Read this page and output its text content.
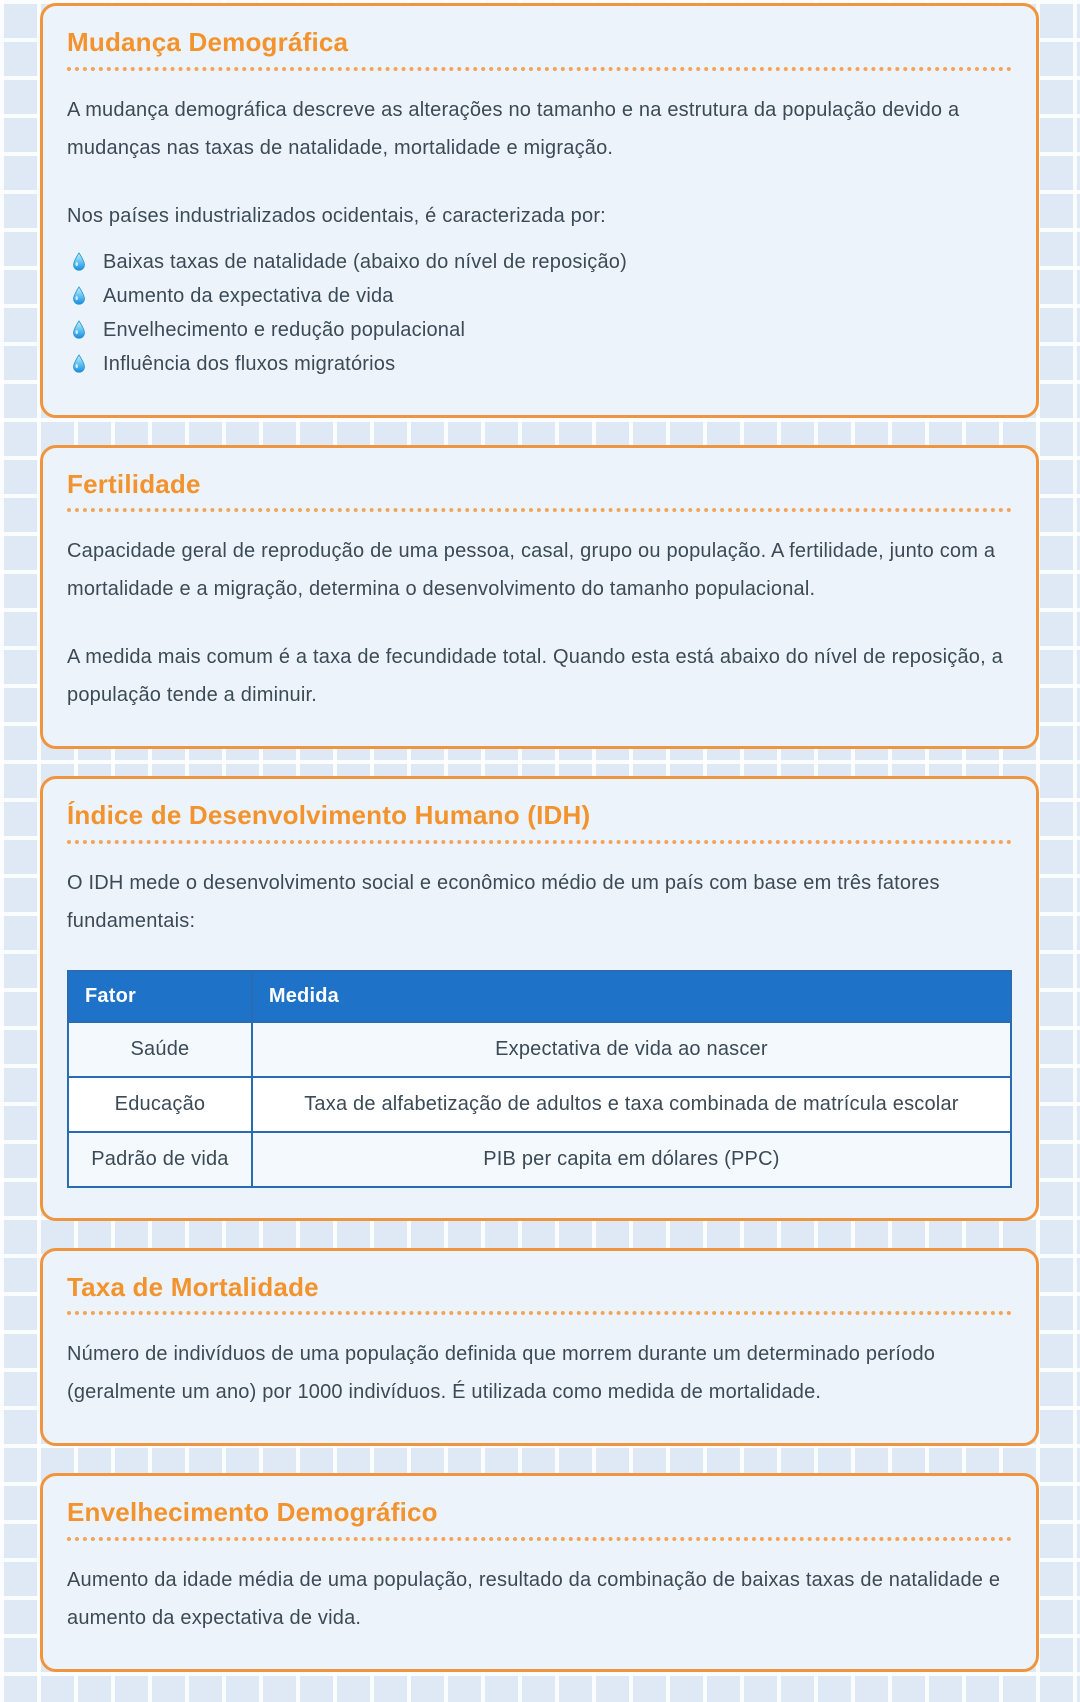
Mudança Demográfica

A mudança demográfica descreve as alterações no tamanho e na estrutura da população devido a mudanças nas taxas de natalidade, mortalidade e migração.

Nos países industrializados ocidentais, é caracterizada por:

Baixas taxas de natalidade (abaixo do nível de reposição)
Aumento da expectativa de vida
Envelhecimento e redução populacional
Influência dos fluxos migratórios
Fertilidade

Capacidade geral de reprodução de uma pessoa, casal, grupo ou população. A fertilidade, junto com a mortalidade e a migração, determina o desenvolvimento do tamanho populacional.

A medida mais comum é a taxa de fecundidade total. Quando esta está abaixo do nível de reposição, a população tende a diminuir.

Índice de Desenvolvimento Humano (IDH)

O IDH mede o desenvolvimento social e econômico médio de um país com base em três fatores fundamentais:

Fator	Medida
Saúde	Expectativa de vida ao nascer
Educação	Taxa de alfabetização de adultos e taxa combinada de matrícula escolar
Padrão de vida	PIB per capita em dólares (PPC)
Taxa de Mortalidade

Número de indivíduos de uma população definida que morrem durante um determinado período (geralmente um ano) por 1000 indivíduos. É utilizada como medida de mortalidade.

Envelhecimento Demográfico

Aumento da idade média de uma população, resultado da combinação de baixas taxas de natalidade e aumento da expectativa de vida.
